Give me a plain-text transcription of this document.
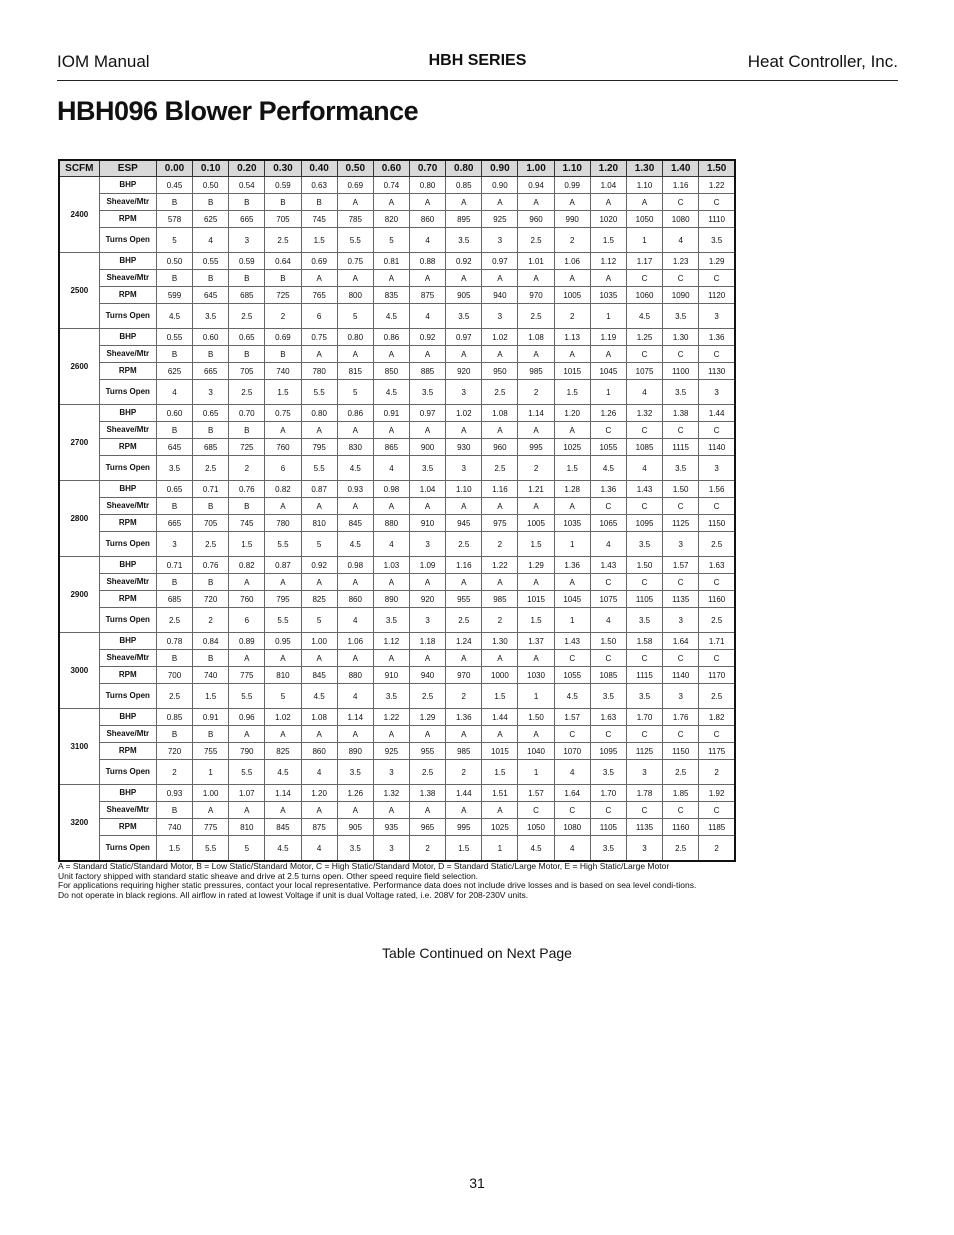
IOM Manual	HBH SERIES	Heat Controller, Inc.
HBH096 Blower Performance
SCFM	ESP	0.00	0.10	0.20	0.30	0.40	0.50	0.60	0.70	0.80	0.90	1.00	1.10	1.20	1.30	1.40	1.50
2400	BHP	0.45	0.50	0.54	0.59	0.63	0.69	0.74	0.80	0.85	0.90	0.94	0.99	1.04	1.10	1.16	1.22
	Sheave/Mtr	B	B	B	B	B	A	A	A	A	A	A	A	A	A	C	C
	RPM	578	625	665	705	745	785	820	860	895	925	960	990	1020	1050	1080	1110
	Turns Open	5	4	3	2.5	1.5	5.5	5	4	3.5	3	2.5	2	1.5	1	4	3.5
2500	BHP	0.50	0.55	0.59	0.64	0.69	0.75	0.81	0.88	0.92	0.97	1.01	1.06	1.12	1.17	1.23	1.29
	Sheave/Mtr	B	B	B	B	A	A	A	A	A	A	A	A	A	C	C	C
	RPM	599	645	685	725	765	800	835	875	905	940	970	1005	1035	1060	1090	1120
	Turns Open	4.5	3.5	2.5	2	6	5	4.5	4	3.5	3	2.5	2	1	4.5	3.5	3
2600	BHP	0.55	0.60	0.65	0.69	0.75	0.80	0.86	0.92	0.97	1.02	1.08	1.13	1.19	1.25	1.30	1.36
	Sheave/Mtr	B	B	B	B	A	A	A	A	A	A	A	A	A	C	C	C
	RPM	625	665	705	740	780	815	850	885	920	950	985	1015	1045	1075	1100	1130
	Turns Open	4	3	2.5	1.5	5.5	5	4.5	3.5	3	2.5	2	1.5	1	4	3.5	3
2700	BHP	0.60	0.65	0.70	0.75	0.80	0.86	0.91	0.97	1.02	1.08	1.14	1.20	1.26	1.32	1.38	1.44
	Sheave/Mtr	B	B	B	A	A	A	A	A	A	A	A	A	C	C	C	C
	RPM	645	685	725	760	795	830	865	900	930	960	995	1025	1055	1085	1115	1140
	Turns Open	3.5	2.5	2	6	5.5	4.5	4	3.5	3	2.5	2	1.5	4.5	4	3.5	3
2800	BHP	0.65	0.71	0.76	0.82	0.87	0.93	0.98	1.04	1.10	1.16	1.21	1.28	1.36	1.43	1.50	1.56
	Sheave/Mtr	B	B	B	A	A	A	A	A	A	A	A	A	C	C	C	C
	RPM	665	705	745	780	810	845	880	910	945	975	1005	1035	1065	1095	1125	1150
	Turns Open	3	2.5	1.5	5.5	5	4.5	4	3	2.5	2	1.5	1	4	3.5	3	2.5
2900	BHP	0.71	0.76	0.82	0.87	0.92	0.98	1.03	1.09	1.16	1.22	1.29	1.36	1.43	1.50	1.57	1.63
	Sheave/Mtr	B	B	A	A	A	A	A	A	A	A	A	A	C	C	C	C
	RPM	685	720	760	795	825	860	890	920	955	985	1015	1045	1075	1105	1135	1160
	Turns Open	2.5	2	6	5.5	5	4	3.5	3	2.5	2	1.5	1	4	3.5	3	2.5
3000	BHP	0.78	0.84	0.89	0.95	1.00	1.06	1.12	1.18	1.24	1.30	1.37	1.43	1.50	1.58	1.64	1.71
	Sheave/Mtr	B	B	A	A	A	A	A	A	A	A	A	C	C	C	C	C
	RPM	700	740	775	810	845	880	910	940	970	1000	1030	1055	1085	1115	1140	1170
	Turns Open	2.5	1.5	5.5	5	4.5	4	3.5	2.5	2	1.5	1	4.5	3.5	3.5	3	2.5
3100	BHP	0.85	0.91	0.96	1.02	1.08	1.14	1.22	1.29	1.36	1.44	1.50	1.57	1.63	1.70	1.76	1.82
	Sheave/Mtr	B	B	A	A	A	A	A	A	A	A	A	C	C	C	C	C
	RPM	720	755	790	825	860	890	925	955	985	1015	1040	1070	1095	1125	1150	1175
	Turns Open	2	1	5.5	4.5	4	3.5	3	2.5	2	1.5	1	4	3.5	3	2.5	2
3200	BHP	0.93	1.00	1.07	1.14	1.20	1.26	1.32	1.38	1.44	1.51	1.57	1.64	1.70	1.78	1.85	1.92
	Sheave/Mtr	B	A	A	A	A	A	A	A	A	A	C	C	C	C	C	C
	RPM	740	775	810	845	875	905	935	965	995	1025	1050	1080	1105	1135	1160	1185
	Turns Open	1.5	5.5	5	4.5	4	3.5	3	2	1.5	1	4.5	4	3.5	3	2.5	2

A = Standard Static/Standard Motor, B = Low Static/Standard Motor, C = High Static/Standard Motor, D = Standard Static/Large Motor, E = High Static/Large Motor

Unit factory shipped with standard static sheave and drive at 2.5 turns open. Other speed require field selection.

For applications requiring higher static pressures, contact your local representative. Performance data does not include drive losses and is based on sea level condi-tions.

Do not operate in black regions. All airflow in rated at lowest Voltage if unit is dual Voltage rated, i.e. 208V for 208-230V units.

Table Continued on Next Page
31
